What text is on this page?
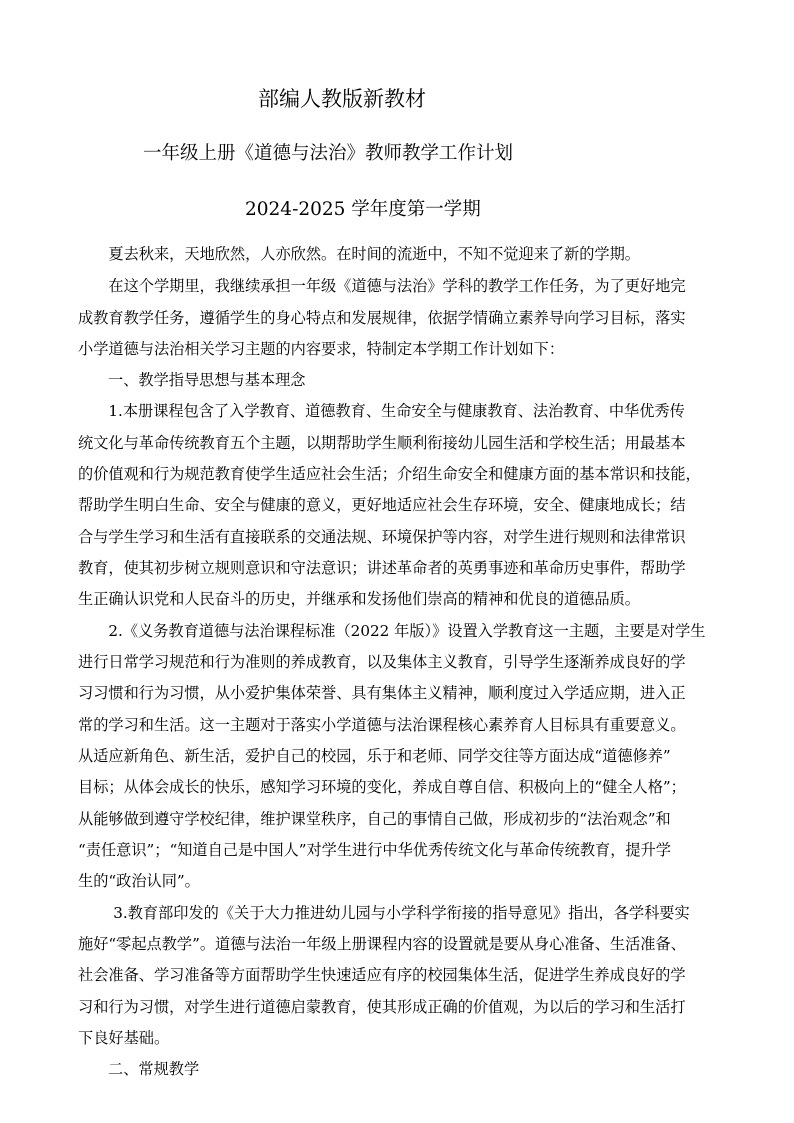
部编人教版新教材
一年级上册《道德与法治》教师教学工作计划
2024-2025 学年度第一学期
　　夏去秋来，天地欣然，人亦欣然。在时间的流逝中，不知不觉迎来了新的学期。
　　在这个学期里，我继续承担一年级《道德与法治》学科的教学工作任务，为了更好地完
成教育教学任务，遵循学生的身心特点和发展规律，依据学情确立素养导向学习目标，落实
小学道德与法治相关学习主题的内容要求，特制定本学期工作计划如下：
一、教学指导思想与基本理念
　　1.本册课程包含了入学教育、道德教育、生命安全与健康教育、法治教育、中华优秀传
统文化与革命传统教育五个主题，以期帮助学生顺利衔接幼儿园生活和学校生活；用最基本
的价值观和行为规范教育使学生适应社会生活；介绍生命安全和健康方面的基本常识和技能，
帮助学生明白生命、安全与健康的意义，更好地适应社会生存环境，安全、健康地成长；结
合与学生学习和生活有直接联系的交通法规、环境保护等内容，对学生进行规则和法律常识
教育，使其初步树立规则意识和守法意识；讲述革命者的英勇事迹和革命历史事件，帮助学
生正确认识党和人民奋斗的历史，并继承和发扬他们崇高的精神和优良的道德品质。
　　2.《义务教育道德与法治课程标准（2022 年版）》设置入学教育这一主题，主要是对学生
进行日常学习规范和行为准则的养成教育，以及集体主义教育，引导学生逐渐养成良好的学
习习惯和行为习惯，从小爱护集体荣誉、具有集体主义精神，顺利度过入学适应期，进入正
常的学习和生活。这一主题对于落实小学道德与法治课程核心素养育人目标具有重要意义。
从适应新角色、新生活，爱护自己的校园，乐于和老师、同学交往等方面达成“道德修养”
目标；从体会成长的快乐，感知学习环境的变化，养成自尊自信、积极向上的“健全人格”；
从能够做到遵守学校纪律，维护课堂秩序，自己的事情自己做，形成初步的“法治观念”和
“责任意识”；“知道自己是中国人”对学生进行中华优秀传统文化与革命传统教育，提升学
生的“政治认同”。
　　 3.教育部印发的《关于大力推进幼儿园与小学科学衔接的指导意见》指出，各学科要实
施好“零起点教学”。道德与法治一年级上册课程内容的设置就是要从身心准备、生活准备、
社会准备、学习准备等方面帮助学生快速适应有序的校园集体生活，促进学生养成良好的学
习和行为习惯，对学生进行道德启蒙教育，使其形成正确的价值观，为以后的学习和生活打
下良好基础。
二、常规教学
